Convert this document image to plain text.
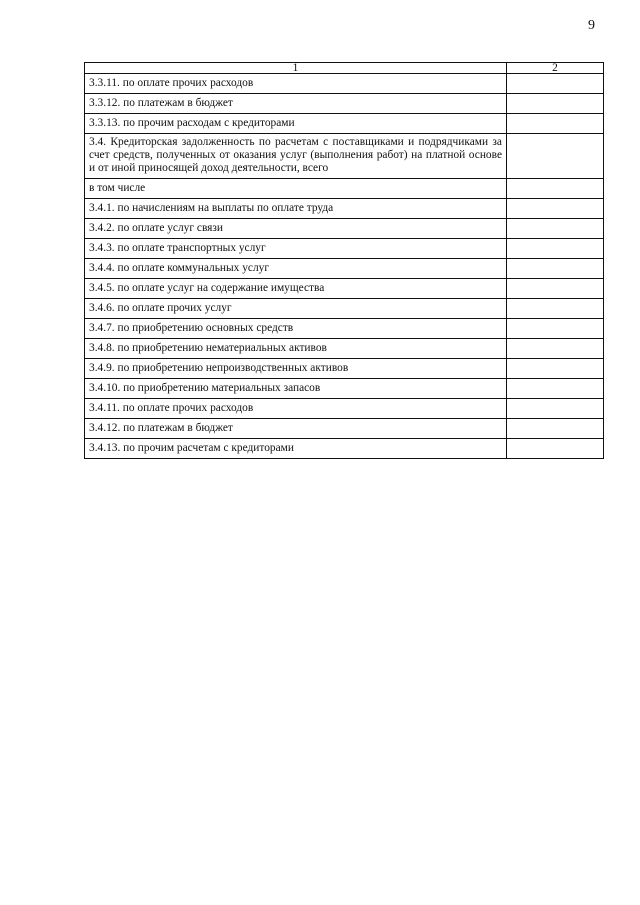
9
1	2
3.3.11. по оплате прочих расходов	
3.3.12. по платежам в бюджет	
3.3.13. по прочим расходам с кредиторами	
3.4. Кредиторская задолженность по расчетам с поставщиками и подрядчиками за счет средств, полученных от оказания услуг (выполнения работ) на платной основе и от иной приносящей доход деятельности, всего	
в том числе	
3.4.1. по начислениям на выплаты по оплате труда	
3.4.2. по оплате услуг связи	
3.4.3. по оплате транспортных услуг	
3.4.4. по оплате коммунальных услуг	
3.4.5. по оплате услуг на содержание имущества	
3.4.6. по оплате прочих услуг	
3.4.7. по приобретению основных средств	
3.4.8. по приобретению нематериальных активов	
3.4.9. по приобретению непроизводственных активов	
3.4.10. по приобретению материальных запасов	
3.4.11. по оплате прочих расходов	
3.4.12. по платежам в бюджет	
3.4.13. по прочим расчетам с кредиторами	
